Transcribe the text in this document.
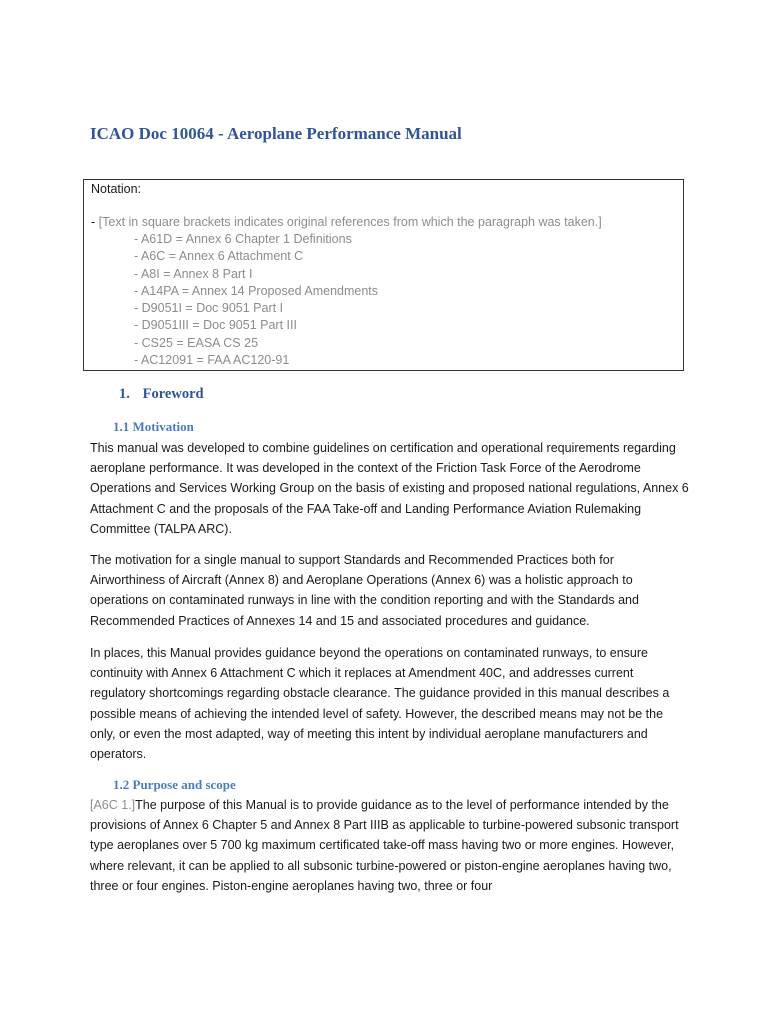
ICAO Doc 10064 - Aeroplane Performance Manual
Notation:
- [Text in square brackets indicates original references from which the paragraph was taken.]
- A61D = Annex 6 Chapter 1 Definitions
- A6C = Annex 6 Attachment C
- A8I = Annex 8 Part I
- A14PA = Annex 14 Proposed Amendments
- D9051I = Doc 9051 Part I
- D9051III = Doc 9051 Part III
- CS25 = EASA CS 25
- AC12091 = FAA AC120-91
1. Foreword
1.1 Motivation

This manual was developed to combine guidelines on certification and operational requirements regarding aeroplane performance. It was developed in the context of the Friction Task Force of the Aerodrome Operations and Services Working Group on the basis of existing and proposed national regulations, Annex 6 Attachment C and the proposals of the FAA Take-off and Landing Performance Aviation Rulemaking Committee (TALPA ARC).

The motivation for a single manual to support Standards and Recommended Practices both for Airworthiness of Aircraft (Annex 8) and Aeroplane Operations (Annex 6) was a holistic approach to operations on contaminated runways in line with the condition reporting and with the Standards and Recommended Practices of Annexes 14 and 15 and associated procedures and guidance.

In places, this Manual provides guidance beyond the operations on contaminated runways, to ensure continuity with Annex 6 Attachment C which it replaces at Amendment 40C, and addresses current regulatory shortcomings regarding obstacle clearance. The guidance provided in this manual describes a possible means of achieving the intended level of safety. However, the described means may not be the only, or even the most adapted, way of meeting this intent by individual aeroplane manufacturers and operators.

1.2 Purpose and scope

[A6C 1.]The purpose of this Manual is to provide guidance as to the level of performance intended by the provisions of Annex 6 Chapter 5 and Annex 8 Part IIIB as applicable to turbine-powered subsonic transport type aeroplanes over 5 700 kg maximum certificated take-off mass having two or more engines. However, where relevant, it can be applied to all subsonic turbine-powered or piston-engine aeroplanes having two, three or four engines. Piston-engine aeroplanes having two, three or four
